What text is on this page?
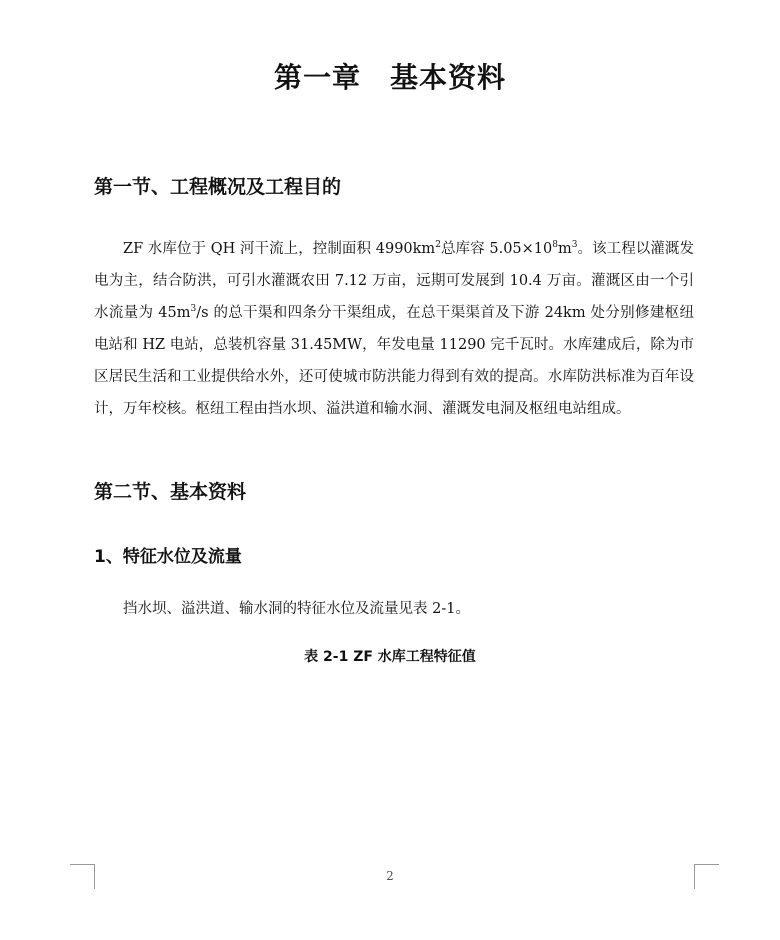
第一章　基本资料
第一节、工程概况及工程目的

ZF 水库位于 QH 河干流上，控制面积 $4990km^2$总库容 $5.05\times 10^8m^3$。该工程以灌溉发电为主，结合防洪，可引水灌溉农田 7.12 万亩，远期可发展到 10.4 万亩。灌溉区由一个引水流量为 $45m^3/s$ 的总干渠和四条分干渠组成，在总干渠渠首及下游 24km 处分别修建枢纽电站和 HZ 电站，总装机容量 31.45MW，年发电量 11290 完千瓦时。水库建成后，除为市区居民生活和工业提供给水外，还可使城市防洪能力得到有效的提高。水库防洪标准为百年设计，万年校核。枢纽工程由挡水坝、溢洪道和输水洞、灌溉发电洞及枢纽电站组成。

第二节、基本资料
1、特征水位及流量

挡水坝、溢洪道、输水洞的特征水位及流量见表 2-1。

表 2-1 ZF 水库工程特征值

2
